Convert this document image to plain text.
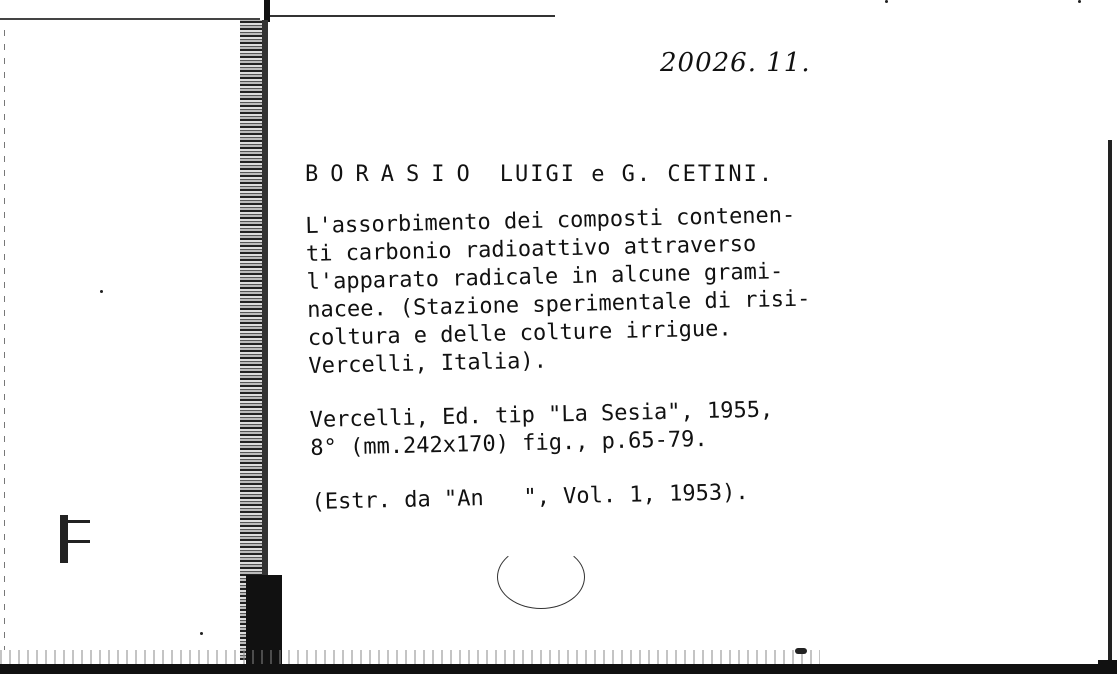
20026. 11.
BORASIO LUIGI e G. CETINI.
L'assorbimento dei composti contenen-
ti carbonio radioattivo attraverso
l'apparato radicale in alcune grami-
nacee. (Stazione sperimentale di risi-
coltura e delle colture irrigue.
Vercelli, Italia).
Vercelli, Ed. tip "La Sesia", 1955,
8° (mm.242x170) fig., p.65-79.
(Estr. da "An   ", Vol. 1, 1953).
